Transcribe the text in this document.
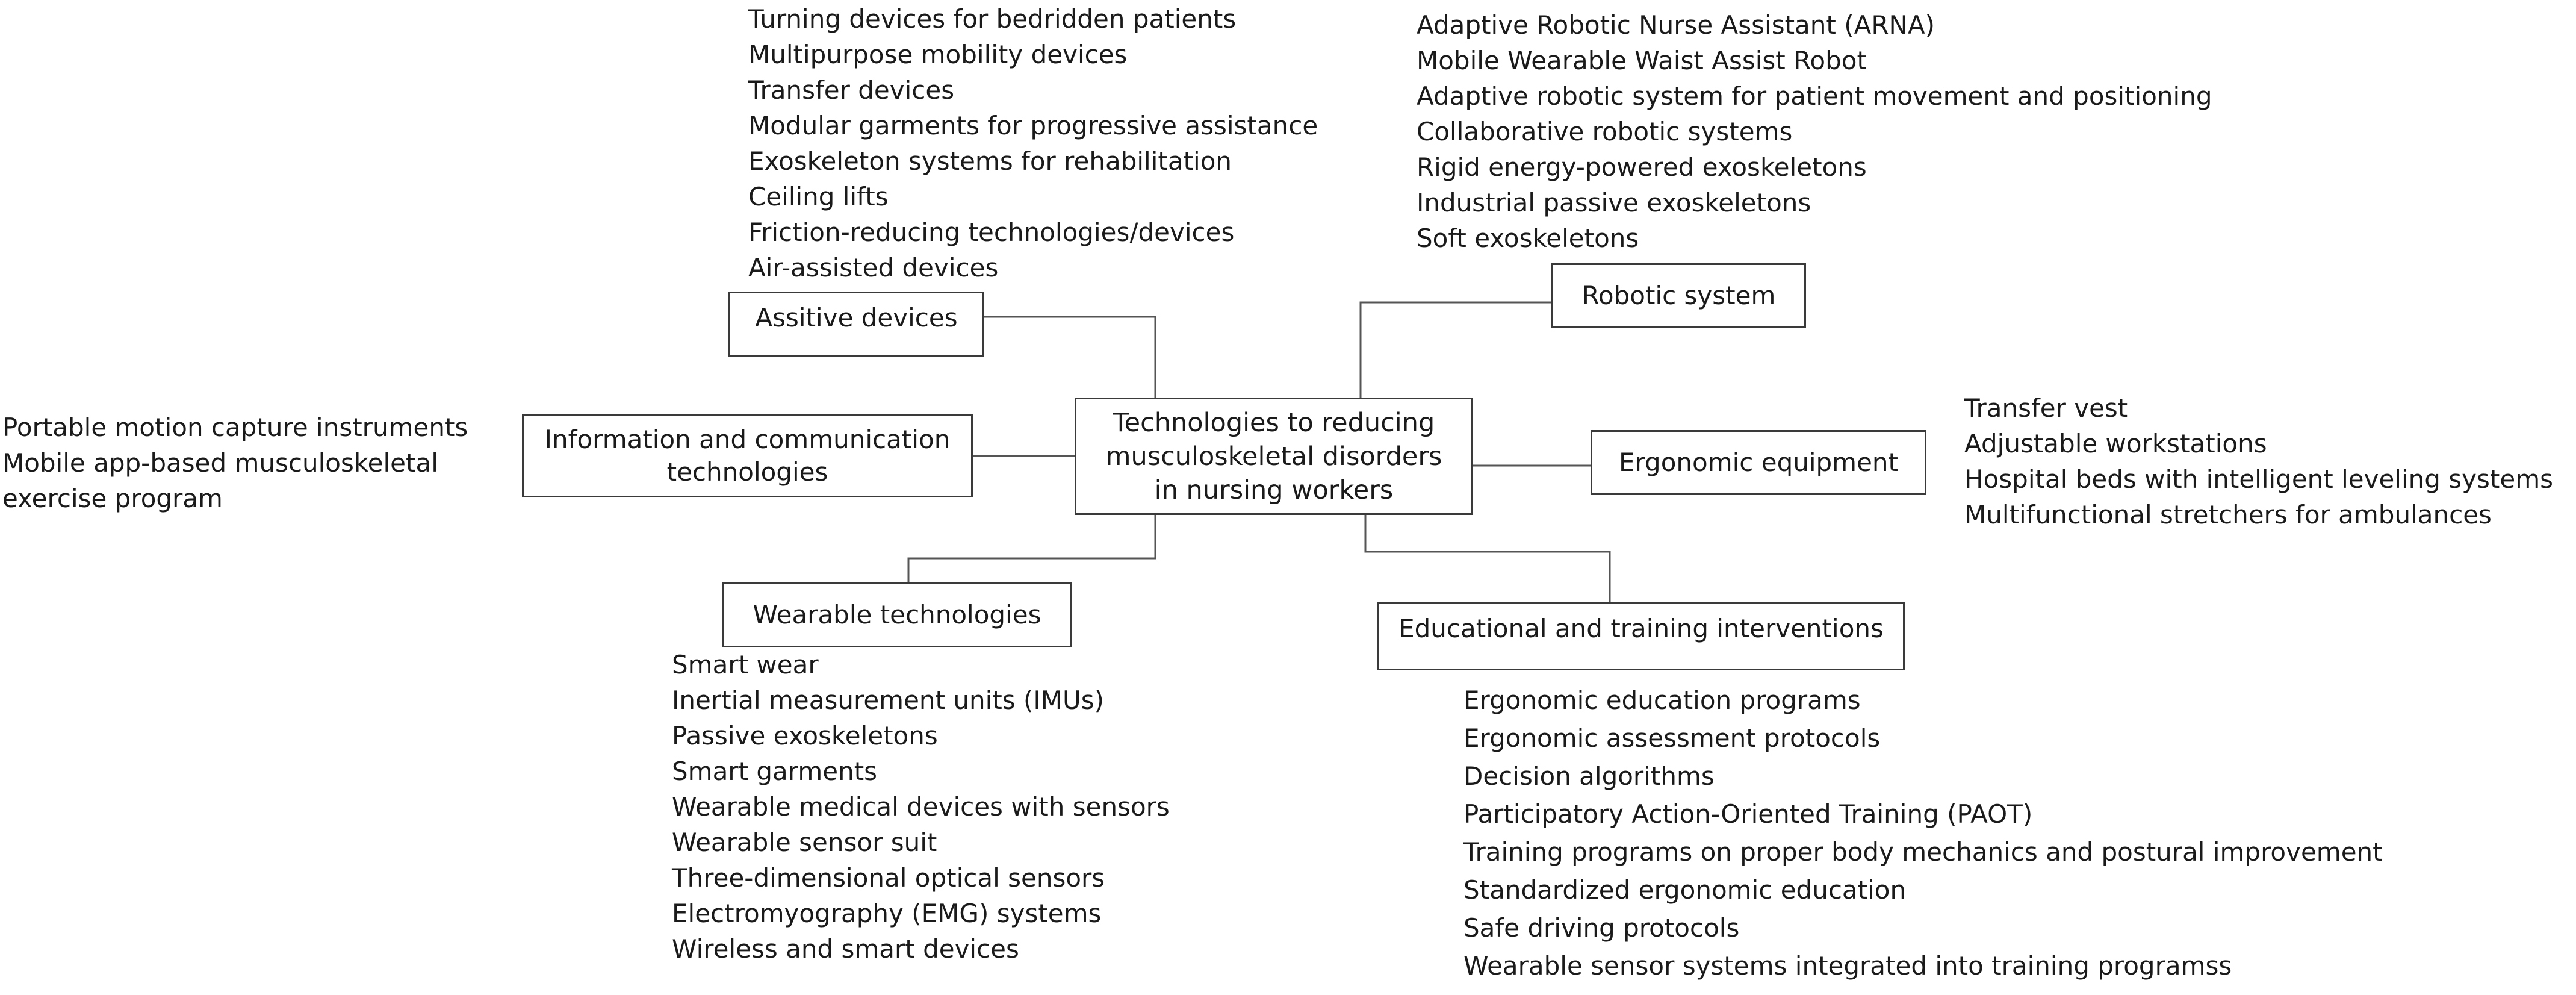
Technologies to reducing
musculoskeletal disorders
in nursing workers
Assitive devices
Turning devices for bedridden patients
Multipurpose mobility devices
Transfer devices
Modular garments for progressive assistance
Exoskeleton systems for rehabilitation
Ceiling lifts
Friction-reducing technologies/devices
Air-assisted devices
Robotic system
Adaptive Robotic Nurse Assistant (ARNA)
Mobile Wearable Waist Assist Robot
Adaptive robotic system for patient movement and positioning
Collaborative robotic systems
Rigid energy-powered exoskeletons
Industrial passive exoskeletons
Soft exoskeletons
Information and communication
technologies
Portable motion capture instruments
Mobile app-based musculoskeletal
exercise program
Ergonomic equipment
Transfer vest
Adjustable workstations
Hospital beds with intelligent leveling systems
Multifunctional stretchers for ambulances
Wearable technologies
Smart wear
Inertial measurement units (IMUs)
Passive exoskeletons
Smart garments
Wearable medical devices with sensors
Wearable sensor suit
Three-dimensional optical sensors
Electromyography (EMG) systems
Wireless and smart devices
Educational and training interventions
Ergonomic education programs
Ergonomic assessment protocols
Decision algorithms
Participatory Action-Oriented Training (PAOT)
Training programs on proper body mechanics and postural improvement
Standardized ergonomic education
Safe driving protocols
Wearable sensor systems integrated into training programss
